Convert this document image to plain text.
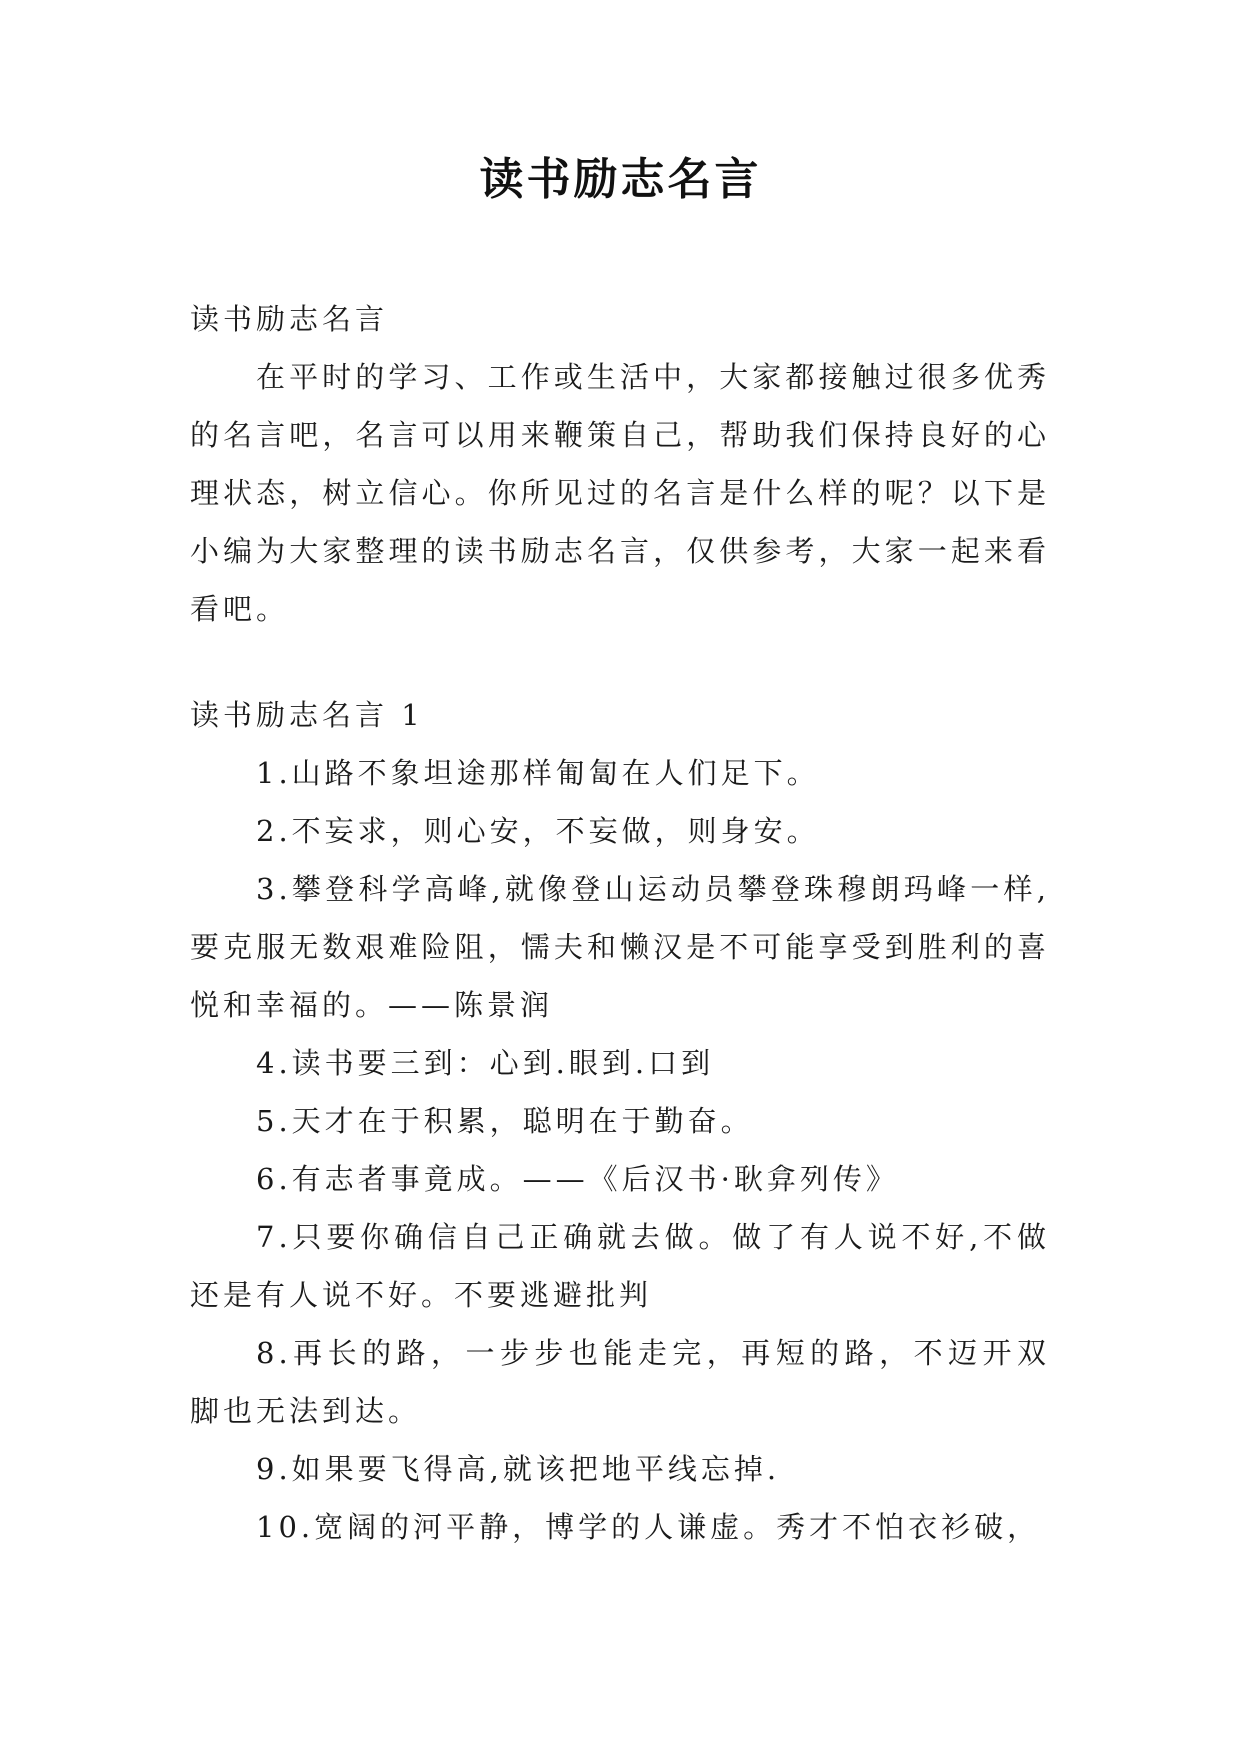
读书励志名言

读书励志名言

在平时的学习、工作或生活中，大家都接触过很多优秀的名言吧，名言可以用来鞭策自己，帮助我们保持良好的心理状态，树立信心。你所见过的名言是什么样的呢？以下是小编为大家整理的读书励志名言，仅供参考，大家一起来看看吧。

读书励志名言 1

1.山路不象坦途那样匍匐在人们足下。

2.不妄求，则心安，不妄做，则身安。

3.攀登科学高峰,就像登山运动员攀登珠穆朗玛峰一样,要克服无数艰难险阻，懦夫和懒汉是不可能享受到胜利的喜悦和幸福的。——陈景润

4.读书要三到：心到.眼到.口到

5.天才在于积累，聪明在于勤奋。

6.有志者事竟成。——《后汉书·耿弇列传》

7.只要你确信自己正确就去做。做了有人说不好,不做还是有人说不好。不要逃避批判

8.再长的路，一步步也能走完，再短的路，不迈开双脚也无法到达。

9.如果要飞得高,就该把地平线忘掉.

10.宽阔的河平静，博学的人谦虚。秀才不怕衣衫破，
